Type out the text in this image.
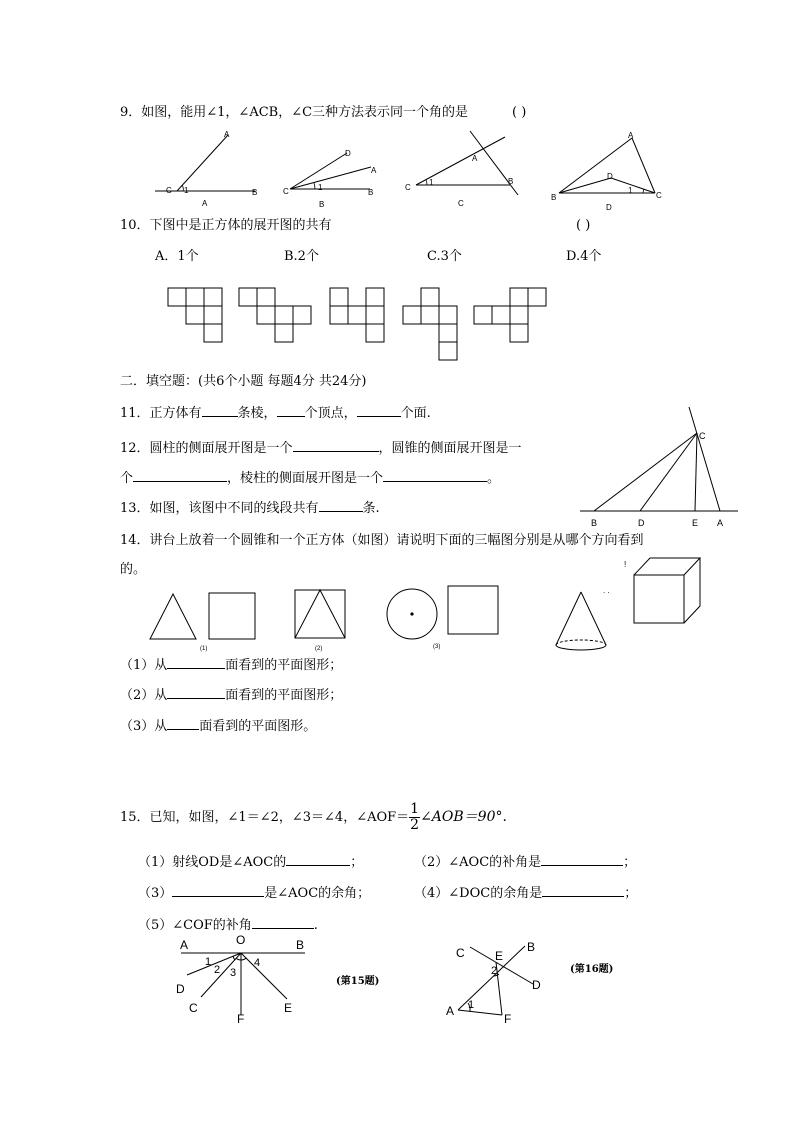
9．如图，能用∠1，∠ACB，∠C三种方法表示同一个角的是	( )
A
C 1	B
A
D
A
C	1
B
B
A
B
C
1
C
A
D
1
B	C
D
10．下图中是正方体的展开图的共有	( )
A．1个	B.2个	C.3个	D.4个
二．填空题：(共6个小题 每题4分 共24分)
11．正方体有	条棱， 个顶点，	个面.
12．圆柱的侧面展开图是一个	，圆锥的侧面展开图是一
个	，棱柱的侧面展开图是一个	。
13．如图，该图中不同的线段共有	条.
C
B	D	E A
14．讲台上放着一个圆锥和一个正方体（如图）请说明下面的三幅图分别是从哪个方向看到
的。
(1)	(2)	(3)
!
. .
（1）从	面看到的平面图形；
（2）从	面看到的平面图形；
（3）从 面看到的平面图形。
15．已知，如图，∠1＝∠2，∠3＝∠4，∠AOF＝ $\frac{1}{2}$ ∠AOB＝90°.
（1）射线OD是∠AOC的	；	（2）∠AOC的补角是	；
（3）	是∠AOC的余角；	（4）∠DOC的余角是	；
（5）∠COF的补角	.
A	O	B
1
2 3
4
D
C
F
E
(第15题)
C	B
E
2
D
A 1
F
(第16题)
